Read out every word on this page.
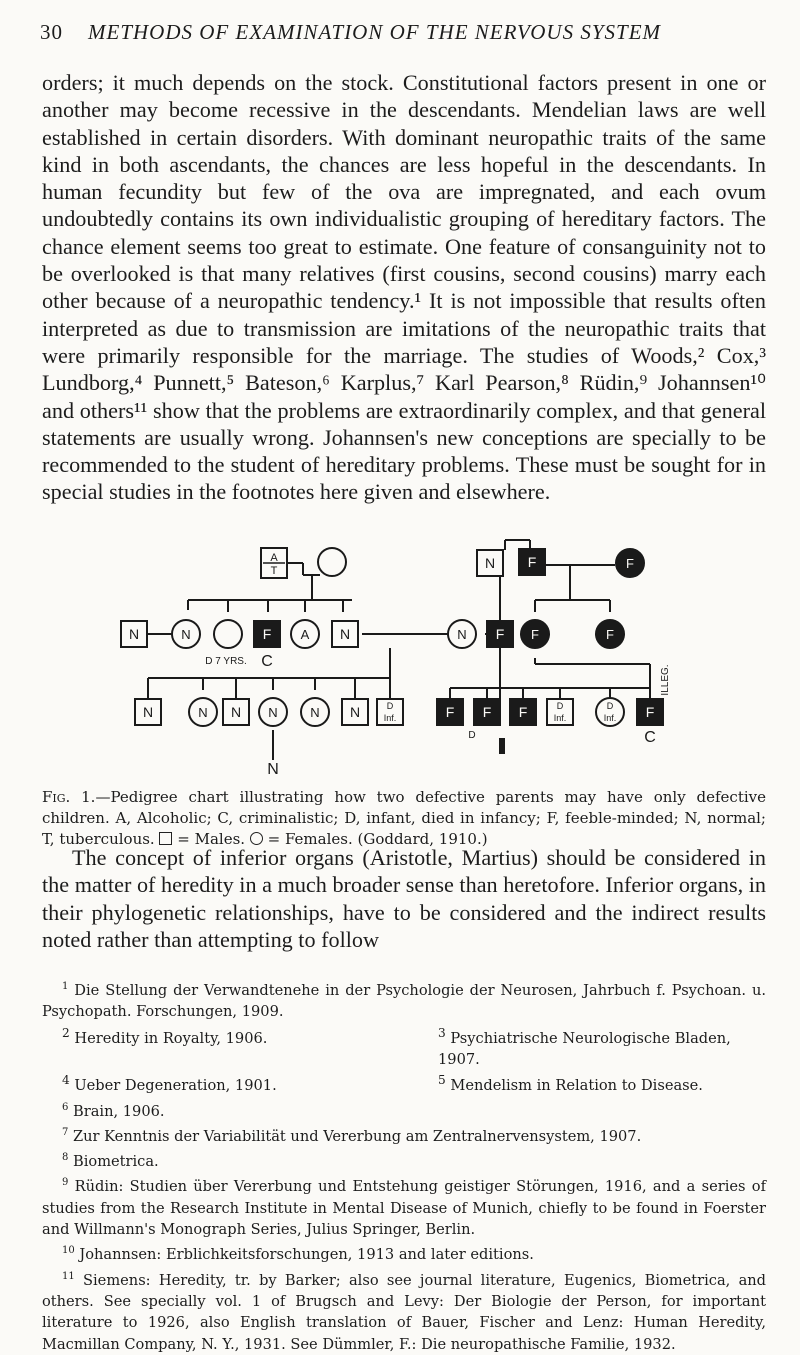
30 METHODS OF EXAMINATION OF THE NERVOUS SYSTEM
orders; it much depends on the stock. Constitutional factors present in one or another may become recessive in the descendants. Mendelian laws are well established in certain disorders. With dominant neuropathic traits of the same kind in both ascendants, the chances are less hopeful in the descendants. In human fecundity but few of the ova are impregnated, and each ovum undoubtedly contains its own individualistic grouping of hereditary factors. The chance element seems too great to estimate. One feature of consanguinity not to be overlooked is that many relatives (first cousins, second cousins) marry each other because of a neuropathic tendency.¹ It is not impossible that results often interpreted as due to transmission are imitations of the neuropathic traits that were primarily responsible for the marriage. The studies of Woods,² Cox,³ Lundborg,⁴ Punnett,⁵ Bateson,⁶ Karplus,⁷ Karl Pearson,⁸ Rüdin,⁹ Johannsen¹⁰ and others¹¹ show that the problems are extraordinarily complex, and that general statements are usually wrong. Johannsen's new conceptions are specially to be recommended to the student of hereditary problems. These must be sought for in special studies in the footnotes here given and elsewhere.
A
T	N F	F
N	N
D 7 YRS.
F
C
A N	N F F	F
N	N N N	N N	D
Inf.	F F F	D
Inf.
D
Inf. F
C
D
N
ILLEG.
Fig. 1.—Pedigree chart illustrating how two defective parents may have only defective children. A, Alcoholic; C, criminalistic; D, infant, died in infancy; F, feeble-minded; N, normal; T, tuberculous. = Males. = Females. (Goddard, 1910.)
The concept of inferior organs (Aristotle, Martius) should be considered in the matter of heredity in a much broader sense than heretofore. Inferior organs, in their phylogenetic relationships, have to be considered and the indirect results noted rather than attempting to follow
$^1$ Die Stellung der Verwandtenehe in der Psychologie der Neurosen, Jahrbuch f. Psychoan. u. Psychopath. Forschungen, 1909.
$^2$ Heredity in Royalty, 1906.	$^3$ Psychiatrische Neurologische Bladen, 1907.
$^4$ Ueber Degeneration, 1901.	$^5$ Mendelism in Relation to Disease.
$^6$ Brain, 1906.
$^7$ Zur Kenntnis der Variabilität und Vererbung am Zentralnervensystem, 1907.
$^8$ Biometrica.
$^9$ Rüdin: Studien über Vererbung und Entstehung geistiger Störungen, 1916, and a series of studies from the Research Institute in Mental Disease of Munich, chiefly to be found in Foerster and Willmann's Monograph Series, Julius Springer, Berlin.
$^{10}$ Johannsen: Erblichkeitsforschungen, 1913 and later editions.
$^{11}$ Siemens: Heredity, tr. by Barker; also see journal literature, Eugenics, Biometrica, and others. See specially vol. 1 of Brugsch and Levy: Der Biologie der Person, for important literature to 1926, also English translation of Bauer, Fischer and Lenz: Human Heredity, Macmillan Company, N. Y., 1931. See Dümmler, F.: Die neuropathische Familie, 1932.
